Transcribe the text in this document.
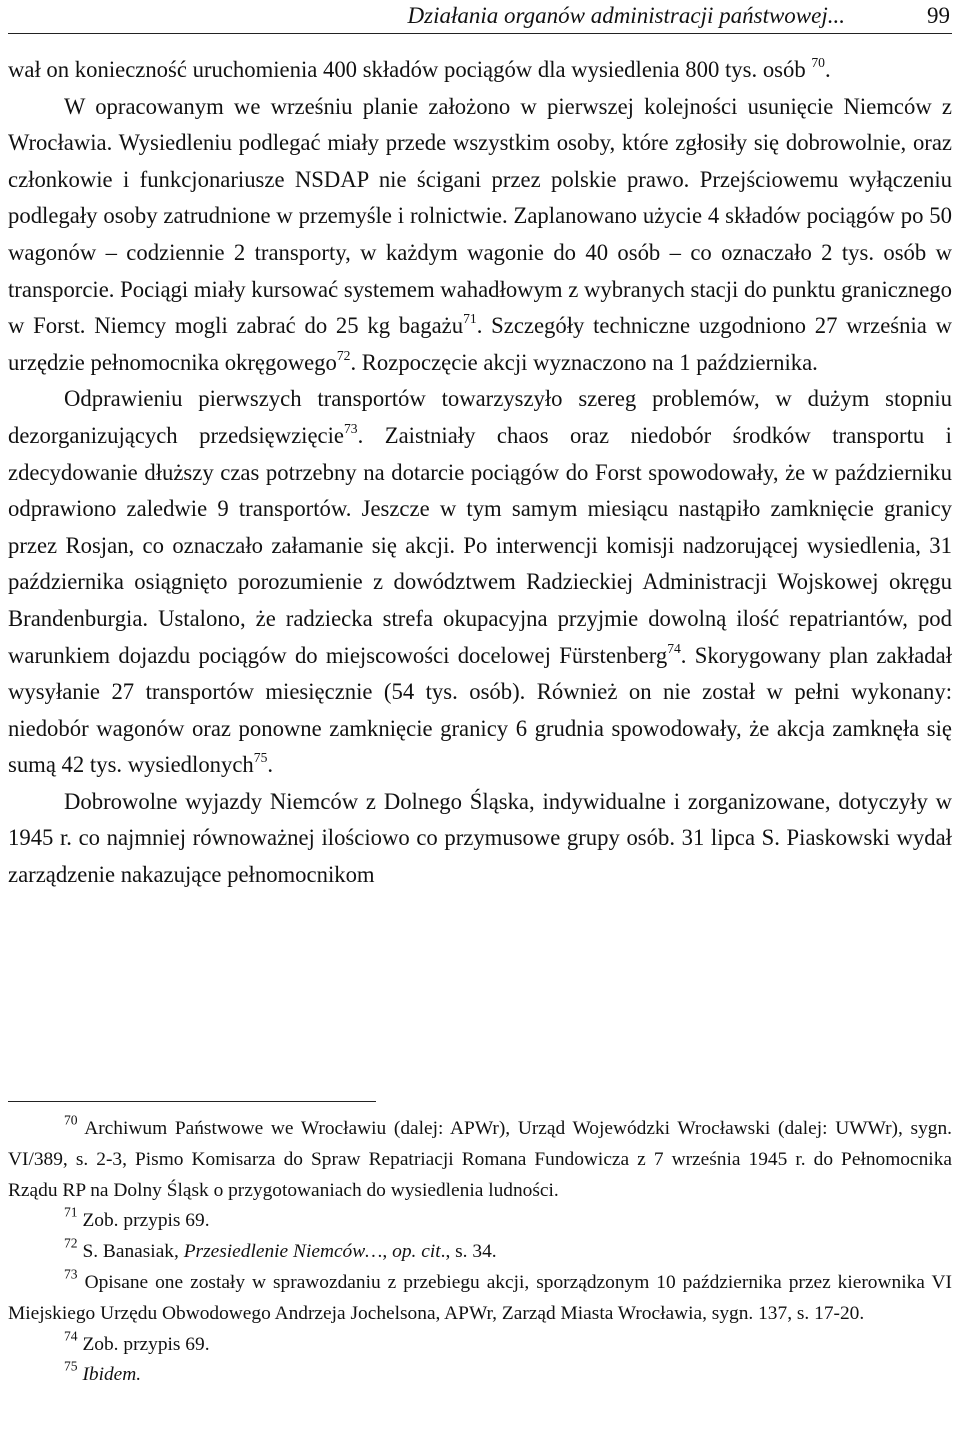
Działania organów administracji państwowej...	99

wał on konieczność uruchomienia 400 składów pociągów dla wysiedlenia 800 tys. osób $^{70}$.

W opracowanym we wrześniu planie założono w pierwszej kolejności usunięcie Niemców z Wrocławia. Wysiedleniu podlegać miały przede wszystkim osoby, które zgłosiły się dobrowolnie, oraz członkowie i funkcjonariusze NSDAP nie ścigani przez polskie prawo. Przejściowemu wyłączeniu podlegały osoby zatrudnione w przemyśle i rolnictwie. Zaplanowano użycie 4 składów pociągów po 50 wagonów – codziennie 2 transporty, w każdym wagonie do 40 osób – co oznaczało 2 tys. osób w transporcie. Pociągi miały kursować systemem wahadłowym z wybranych stacji do punktu granicznego w Forst. Niemcy mogli zabrać do 25 kg bagażu$^{71}$. Szczegóły techniczne uzgodniono 27 września w urzędzie pełnomocnika okręgowego$^{72}$. Rozpoczęcie akcji wyznaczono na 1 października.

Odprawieniu pierwszych transportów towarzyszyło szereg problemów, w dużym stopniu dezorganizujących przedsięwzięcie$^{73}$. Zaistniały chaos oraz niedobór środków transportu i zdecydowanie dłuższy czas potrzebny na dotarcie pociągów do Forst spowodowały, że w październiku odprawiono zaledwie 9 transportów. Jeszcze w tym samym miesiącu nastąpiło zamknięcie granicy przez Rosjan, co oznaczało załamanie się akcji. Po interwencji komisji nadzorującej wysiedlenia, 31 października osiągnięto porozumienie z dowództwem Radzieckiej Administracji Wojskowej okręgu Brandenburgia. Ustalono, że radziecka strefa okupacyjna przyjmie dowolną ilość repatriantów, pod warunkiem dojazdu pociągów do miejscowości docelowej Fürstenberg$^{74}$. Skorygowany plan zakładał wysyłanie 27 transportów miesięcznie (54 tys. osób). Również on nie został w pełni wykonany: niedobór wagonów oraz ponowne zamknięcie granicy 6 grudnia spowodowały, że akcja zamknęła się sumą 42 tys. wysiedlonych$^{75}$.

Dobrowolne wyjazdy Niemców z Dolnego Śląska, indywidualne i zorganizowane, dotyczyły w 1945 r. co najmniej równoważnej ilościowo co przymusowe grupy osób. 31 lipca S. Piaskowski wydał zarządzenie nakazujące pełnomocnikom

$^{70}$ Archiwum Państwowe we Wrocławiu (dalej: APWr), Urząd Wojewódzki Wrocławski (dalej: UWWr), sygn. VI/389, s. 2-3, Pismo Komisarza do Spraw Repatriacji Romana Fundowicza z 7 września 1945 r. do Pełnomocnika Rządu RP na Dolny Śląsk o przygotowaniach do wysiedlenia ludności.

$^{71}$ Zob. przypis 69.

$^{72}$ S. Banasiak, Przesiedlenie Niemców…, op. cit., s. 34.

$^{73}$ Opisane one zostały w sprawozdaniu z przebiegu akcji, sporządzonym 10 października przez kierownika VI Miejskiego Urzędu Obwodowego Andrzeja Jochelsona, APWr, Zarząd Miasta Wrocławia, sygn. 137, s. 17-20.

$^{74}$ Zob. przypis 69.

$^{75}$ Ibidem.
